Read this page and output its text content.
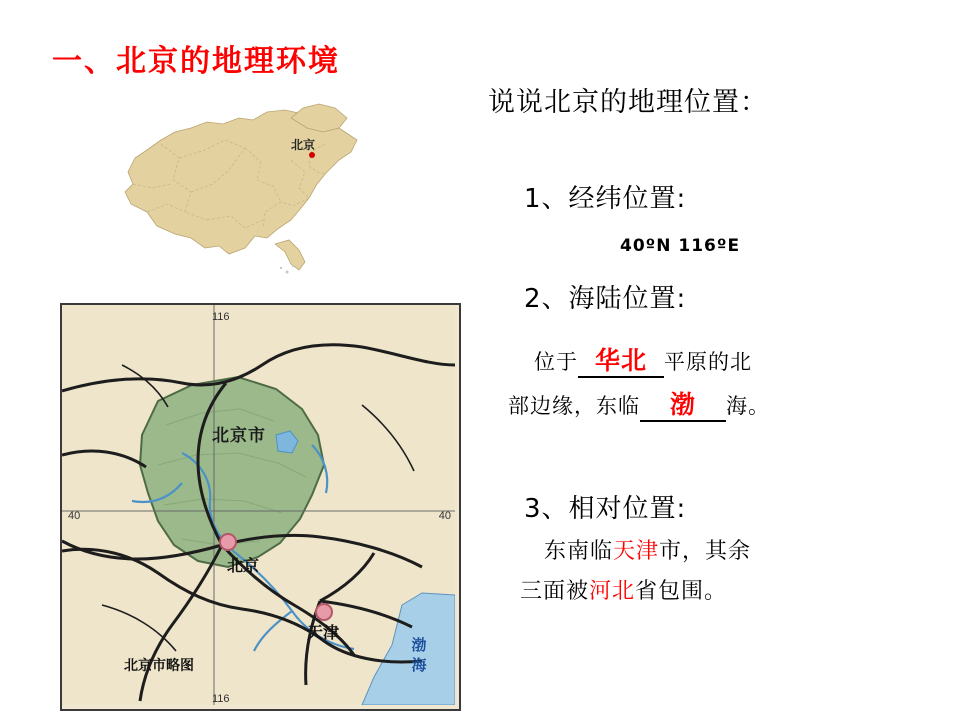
一、北京的地理环境
北京
116
116
40	40
北京市
北京
天津
渤海
北京市略图
说说北京的地理位置：
1、经纬位置:
40ºN 116ºE
2、海陆位置:
位于 华北 平原的北
部边缘，东临 渤 海。
3、相对位置:
东南临天津市，其余
三面被河北省包围。
